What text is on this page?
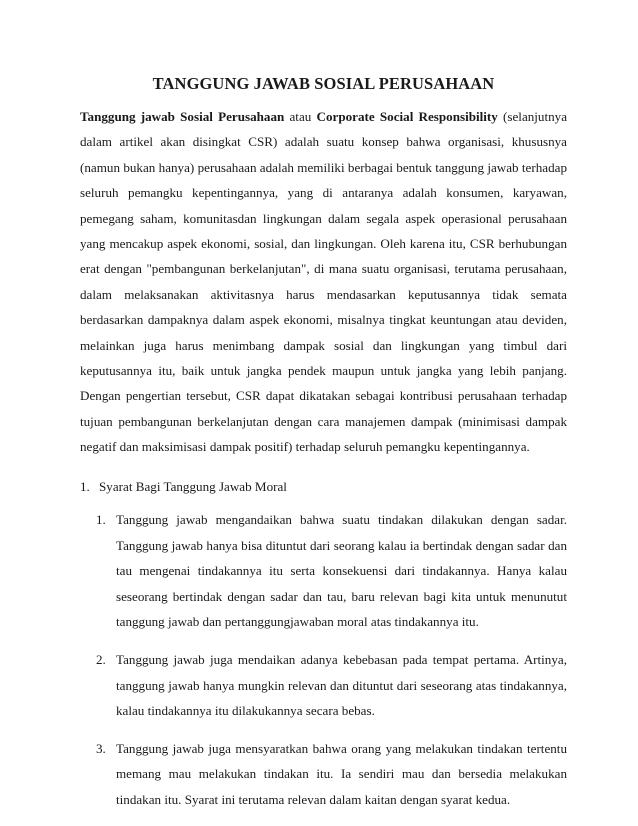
TANGGUNG JAWAB SOSIAL PERUSAHAAN

Tanggung jawab Sosial Perusahaan atau Corporate Social Responsibility (selanjutnya dalam artikel akan disingkat CSR) adalah suatu konsep bahwa organisasi, khususnya (namun bukan hanya) perusahaan adalah memiliki berbagai bentuk tanggung jawab terhadap seluruh pemangku kepentingannya, yang di antaranya adalah konsumen, karyawan, pemegang saham, komunitasdan lingkungan dalam segala aspek operasional perusahaan yang mencakup aspek ekonomi, sosial, dan lingkungan. Oleh karena itu, CSR berhubungan erat dengan "pembangunan berkelanjutan", di mana suatu organisasi, terutama perusahaan, dalam melaksanakan aktivitasnya harus mendasarkan keputusannya tidak semata berdasarkan dampaknya dalam aspek ekonomi, misalnya tingkat keuntungan atau deviden, melainkan juga harus menimbang dampak sosial dan lingkungan yang timbul dari keputusannya itu, baik untuk jangka pendek maupun untuk jangka yang lebih panjang. Dengan pengertian tersebut, CSR dapat dikatakan sebagai kontribusi perusahaan terhadap tujuan pembangunan berkelanjutan dengan cara manajemen dampak (minimisasi dampak negatif dan maksimisasi dampak positif) terhadap seluruh pemangku kepentingannya.

1. Syarat Bagi Tanggung Jawab Moral
1. Tanggung jawab mengandaikan bahwa suatu tindakan dilakukan dengan sadar. Tanggung jawab hanya bisa dituntut dari seorang kalau ia bertindak dengan sadar dan tau mengenai tindakannya itu serta konsekuensi dari tindakannya. Hanya kalau seseorang bertindak dengan sadar dan tau, baru relevan bagi kita untuk menunutut tanggung jawab dan pertanggungjawaban moral atas tindakannya itu.
2. Tanggung jawab juga mendaikan adanya kebebasan pada tempat pertama. Artinya, tanggung jawab hanya mungkin relevan dan dituntut dari seseorang atas tindakannya, kalau tindakannya itu dilakukannya secara bebas.
3. Tanggung jawab juga mensyaratkan bahwa orang yang melakukan tindakan tertentu memang mau melakukan tindakan itu. Ia sendiri mau dan bersedia melakukan tindakan itu. Syarat ini terutama relevan dalam kaitan dengan syarat kedua.
